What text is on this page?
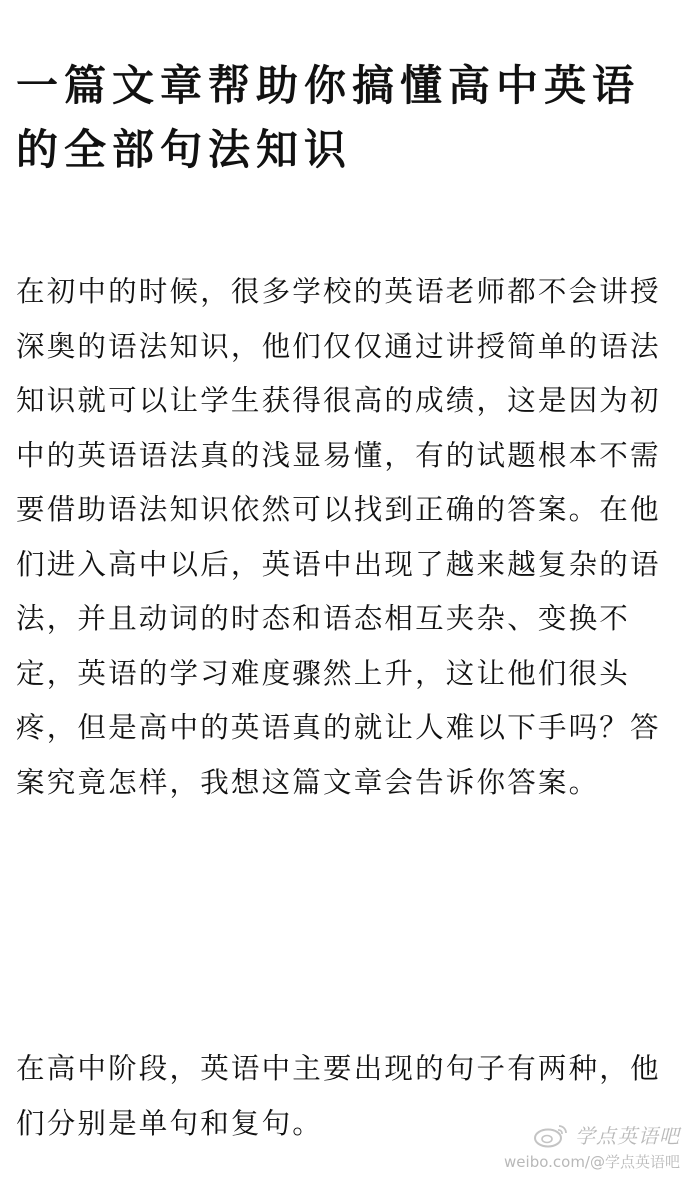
一篇文章帮助你搞懂高中英语的全部句法知识

在初中的时候，很多学校的英语老师都不会讲授深奥的语法知识，他们仅仅通过讲授简单的语法知识就可以让学生获得很高的成绩，这是因为初中的英语语法真的浅显易懂，有的试题根本不需要借助语法知识依然可以找到正确的答案。在他们进入高中以后，英语中出现了越来越复杂的语法，并且动词的时态和语态相互夹杂、变换不定，英语的学习难度骤然上升，这让他们很头疼，但是高中的英语真的就让人难以下手吗？答案究竟怎样，我想这篇文章会告诉你答案。

在高中阶段，英语中主要出现的句子有两种，他们分别是单句和复句。	学点英语吧
weibo.com/@学点英语吧
